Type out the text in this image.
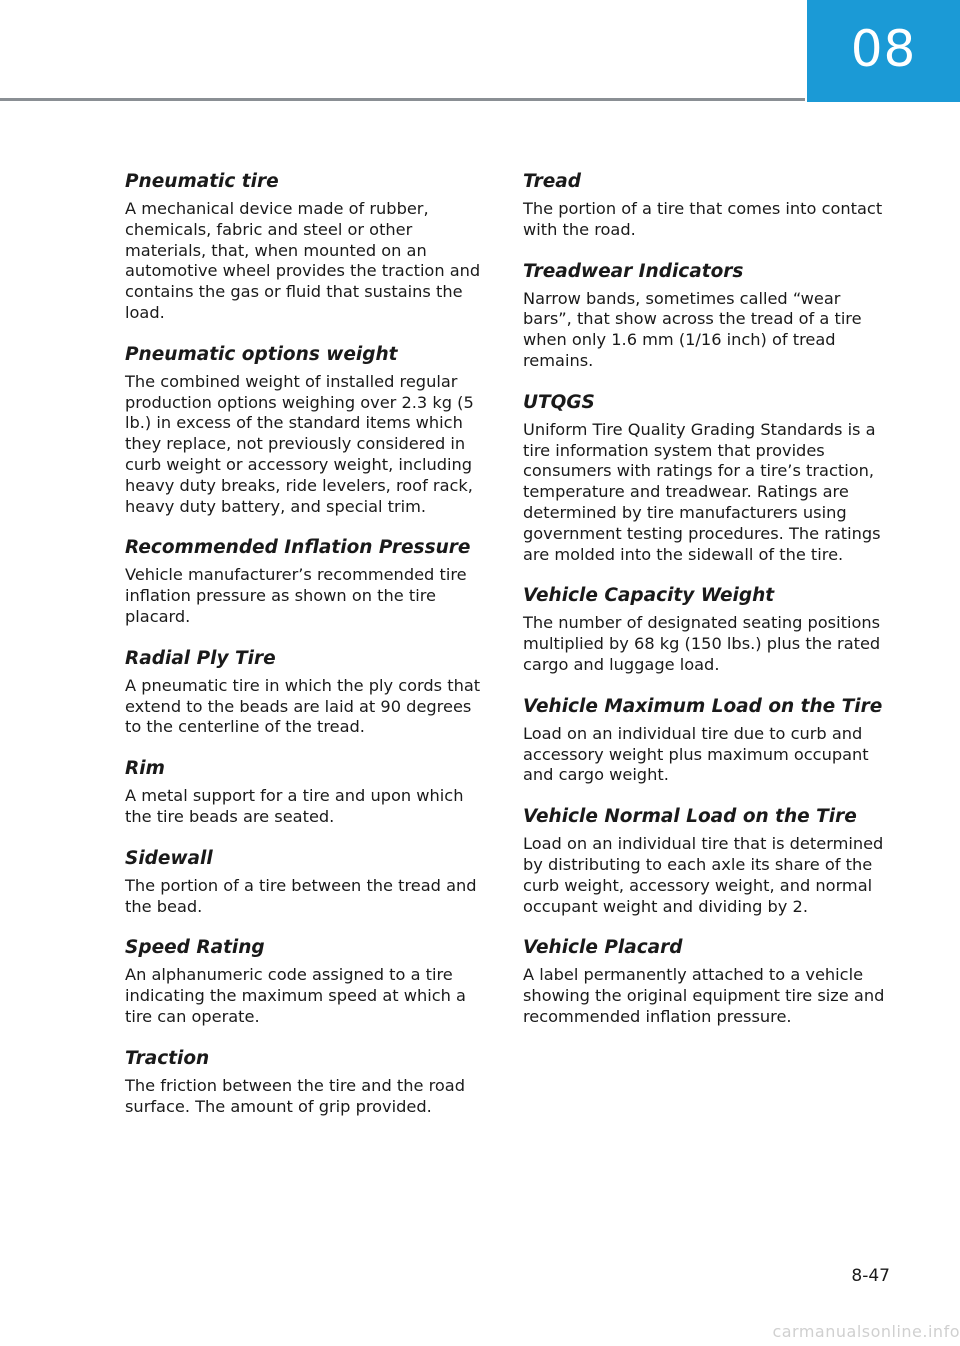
08
Pneumatic tire

A mechanical device made of rubber, chemicals, fabric and steel or other materials, that, when mounted on an automotive wheel provides the traction and contains the gas or fluid that sustains the load.

Pneumatic options weight

The combined weight of installed regular production options weighing over 2.3 kg (5 lb.) in excess of the standard items which they replace, not previously considered in curb weight or accessory weight, including heavy duty breaks, ride levelers, roof rack, heavy duty battery, and special trim.

Recommended Inflation Pressure

Vehicle manufacturer’s recommended tire inflation pressure as shown on the tire placard.

Radial Ply Tire

A pneumatic tire in which the ply cords that extend to the beads are laid at 90 degrees to the centerline of the tread.

Rim

A metal support for a tire and upon which the tire beads are seated.

Sidewall

The portion of a tire between the tread and the bead.

Speed Rating

An alphanumeric code assigned to a tire indicating the maximum speed at which a tire can operate.

Traction

The friction between the tire and the road surface. The amount of grip provided.

Tread

The portion of a tire that comes into contact with the road.

Treadwear Indicators

Narrow bands, sometimes called “wear bars”, that show across the tread of a tire when only 1.6 mm (1/16 inch) of tread remains.

UTQGS

Uniform Tire Quality Grading Standards is a tire information system that provides consumers with ratings for a tire’s traction, temperature and treadwear. Ratings are determined by tire manufacturers using government testing procedures. The ratings are molded into the sidewall of the tire.

Vehicle Capacity Weight

The number of designated seating positions multiplied by 68 kg (150 lbs.) plus the rated cargo and luggage load.

Vehicle Maximum Load on the Tire

Load on an individual tire due to curb and accessory weight plus maximum occupant and cargo weight.

Vehicle Normal Load on the Tire

Load on an individual tire that is determined by distributing to each axle its share of the curb weight, accessory weight, and normal occupant weight and dividing by 2.

Vehicle Placard

A label permanently attached to a vehicle showing the original equipment tire size and recommended inflation pressure.

8-47
carmanualsonline.info
